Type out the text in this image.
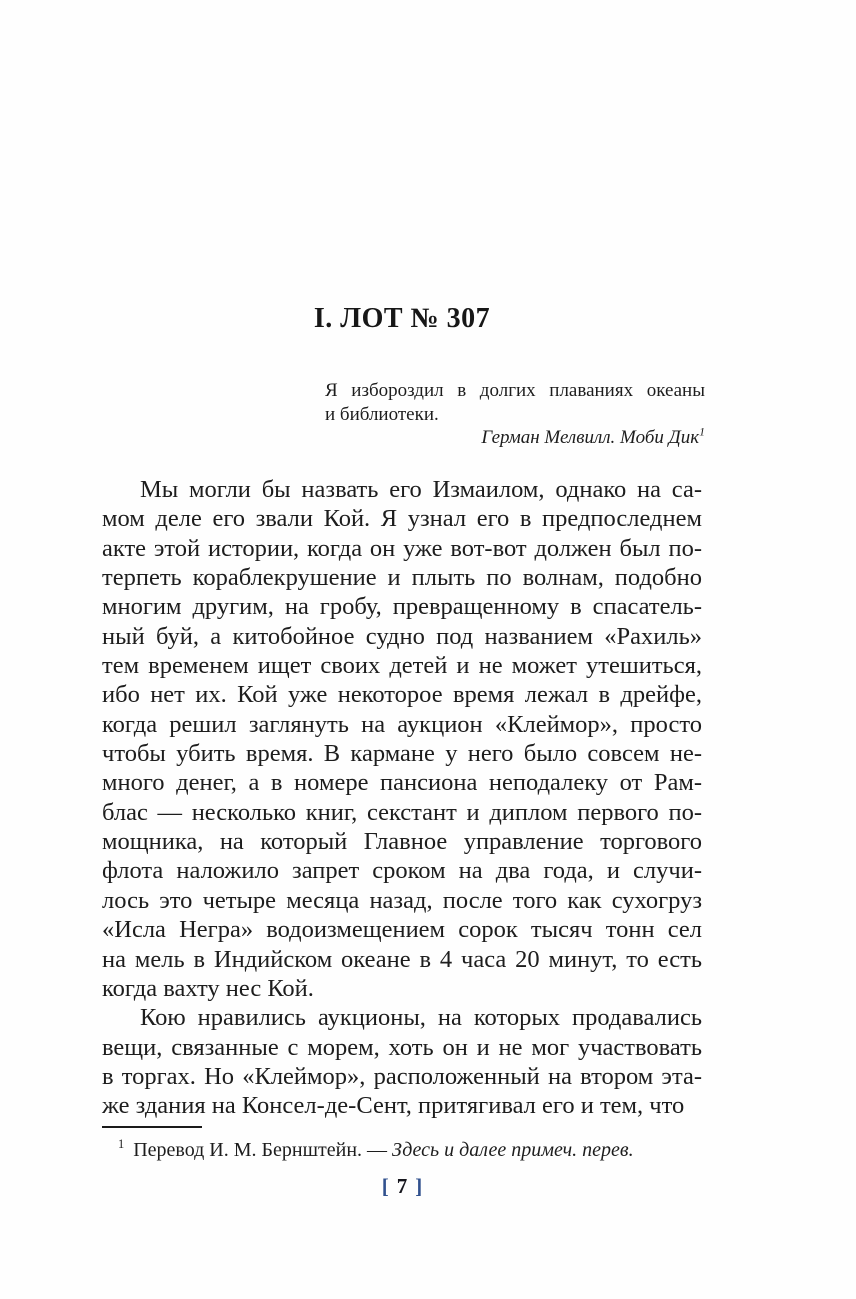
I. ЛОТ № 307
Я избороздил в долгих плаваниях океаны
и библиотеки.
Герман Мелвилл. Моби Дик$^1$
Мы могли бы назвать его Измаилом, однако на са-
мом деле его звали Кой. Я узнал его в предпоследнем
акте этой истории, когда он уже вот-вот должен был по-
терпеть кораблекрушение и плыть по волнам, подобно
многим другим, на гробу, превращенному в спасатель-
ный буй, а китобойное судно под названием «Рахиль»
тем временем ищет своих детей и не может утешиться,
ибо нет их. Кой уже некоторое время лежал в дрейфе,
когда решил заглянуть на аукцион «Клеймор», просто
чтобы убить время. В кармане у него было совсем не-
много денег, а в номере пансиона неподалеку от Рам-
блас — несколько книг, секстант и диплом первого по-
мощника, на который Главное управление торгового
флота наложило запрет сроком на два года, и случи-
лось это четыре месяца назад, после того как сухогруз
«Исла Негра» водоизмещением сорок тысяч тонн сел
на мель в Индийском океане в 4 часа 20 минут, то есть
когда вахту нес Кой.
Кою нравились аукционы, на которых продавались
вещи, связанные с морем, хоть он и не мог участвовать
в торгах. Но «Клеймор», расположенный на втором эта-
же здания на Консел-де-Сент, притягивал его и тем, что
$^1$ Перевод И. М. Бернштейн. — Здесь и далее примеч. перев.
[ 7 ]
